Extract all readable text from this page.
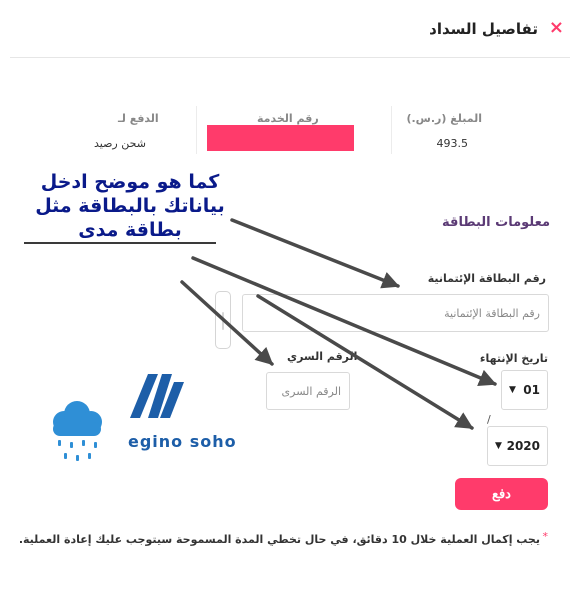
×
تفاصيل السداد
المبلغ (ر.س.)
493.5
رقم الخدمة
الدفع لـ
شحن رصيد
معلومات البطاقة
رقم البطاقة الإئتمانية
رقم البطاقة الإئتمانية
تاريخ الإنتهاء
▼ 01
/
▼ 2020
الرقم السري
الرقم السرى
دفع
*
يجب إكمال العملية خلال 10 دقائق، في حال تخطي المدة المسموحة سيتوجب عليك إعادة العملية.
كما هو موضح ادخل بياناتك بالبطاقة مثل بطاقة مدى
egino soho
